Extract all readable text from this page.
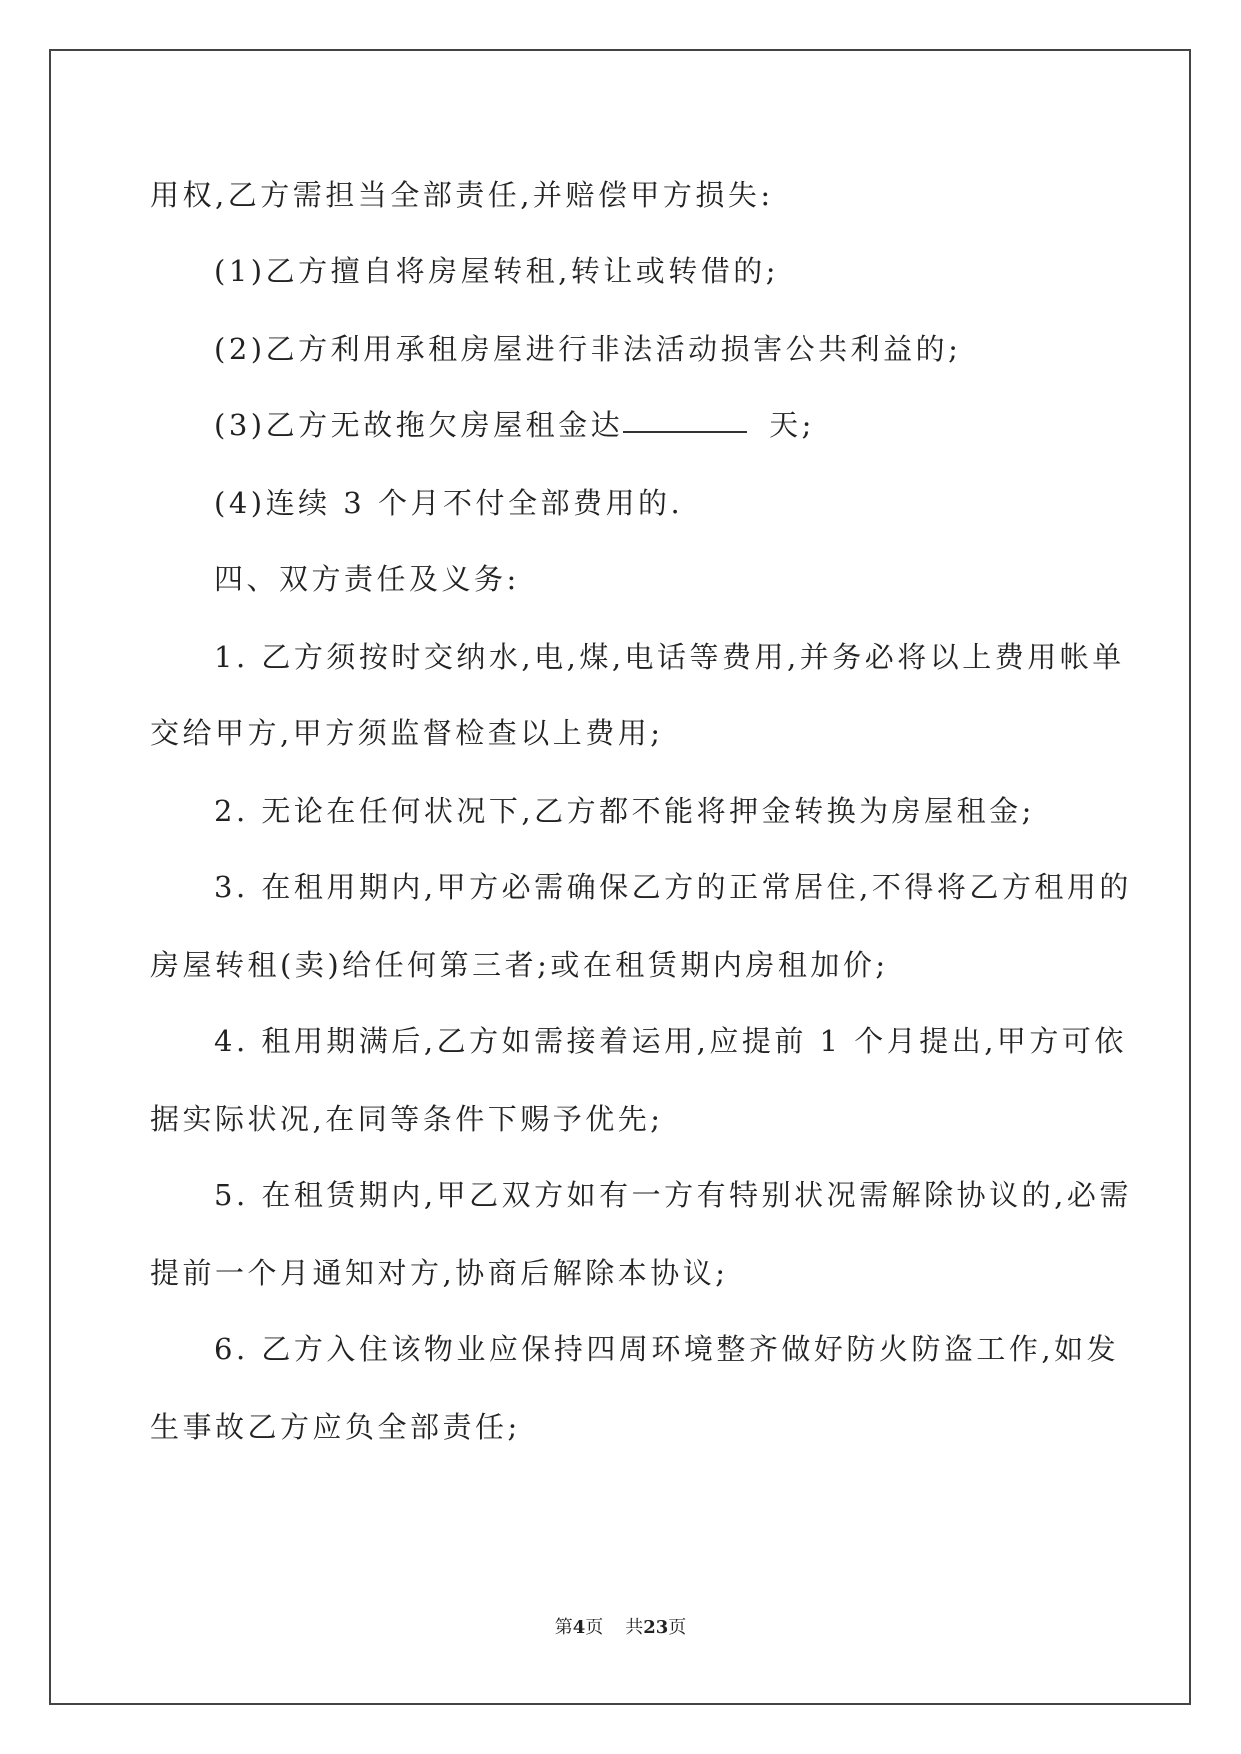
用权,乙方需担当全部责任,并赔偿甲方损失:
(1)乙方擅自将房屋转租,转让或转借的;
(2)乙方利用承租房屋进行非法活动损害公共利益的;
(3)乙方无故拖欠房屋租金达	天;
(4)连续 3 个月不付全部费用的.
四、双方责任及义务:
1. 乙方须按时交纳水,电,煤,电话等费用,并务必将以上费用帐单
交给甲方,甲方须监督检查以上费用;
2. 无论在任何状况下,乙方都不能将押金转换为房屋租金;
3. 在租用期内,甲方必需确保乙方的正常居住,不得将乙方租用的
房屋转租(卖)给任何第三者;或在租赁期内房租加价;
4. 租用期满后,乙方如需接着运用,应提前 1 个月提出,甲方可依
据实际状况,在同等条件下赐予优先;
5. 在租赁期内,甲乙双方如有一方有特别状况需解除协议的,必需
提前一个月通知对方,协商后解除本协议;
6. 乙方入住该物业应保持四周环境整齐做好防火防盗工作,如发
生事故乙方应负全部责任;
第4页 共23页
